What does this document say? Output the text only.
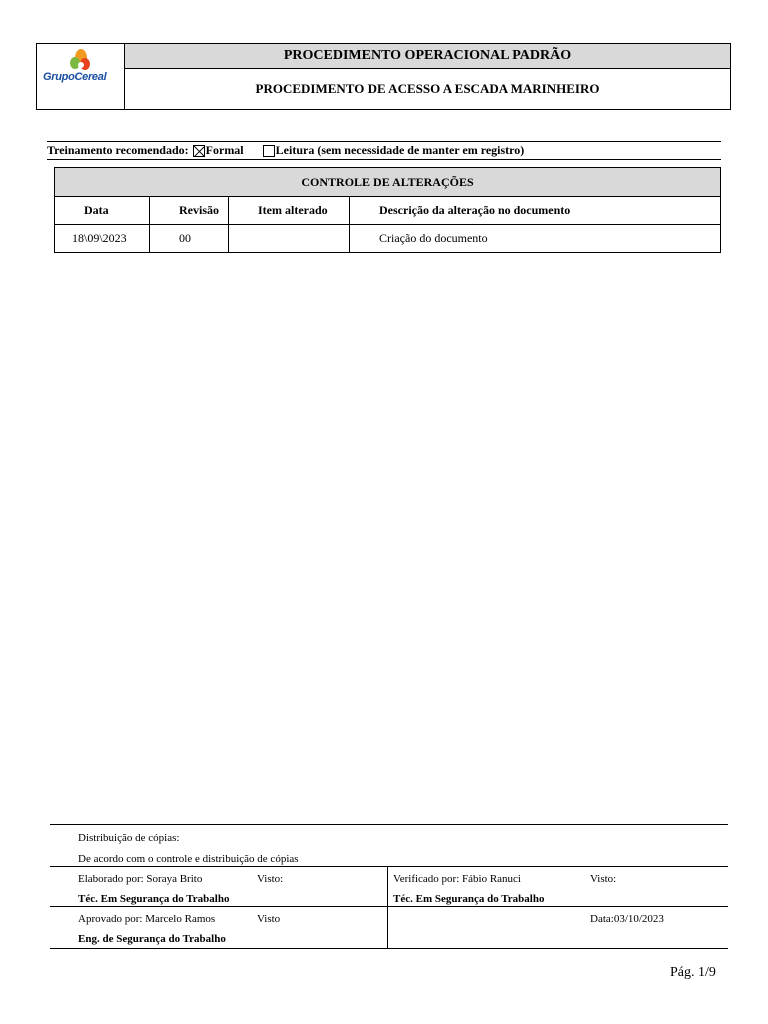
GrupoCereal
PROCEDIMENTO OPERACIONAL PADRÃO
PROCEDIMENTO DE ACESSO A ESCADA MARINHEIRO
Treinamento recomendado: Formal	Leitura (sem necessidade de manter em registro)
CONTROLE DE ALTERAÇÕES			
Data	Revisão	Item alterado	Descrição da alteração no documento
18\09\2023	00		Criação do documento
Distribuição de cópias:
De acordo com o controle e distribuição de cópias
Elaborado por: Soraya Brito	Visto:
Téc. Em Segurança do Trabalho
Verificado por: Fábio Ranuci	Visto:
Téc. Em Segurança do Trabalho
Aprovado por: Marcelo Ramos	Visto
Eng. de Segurança do Trabalho
Data:03/10/2023
Pág. 1/9
